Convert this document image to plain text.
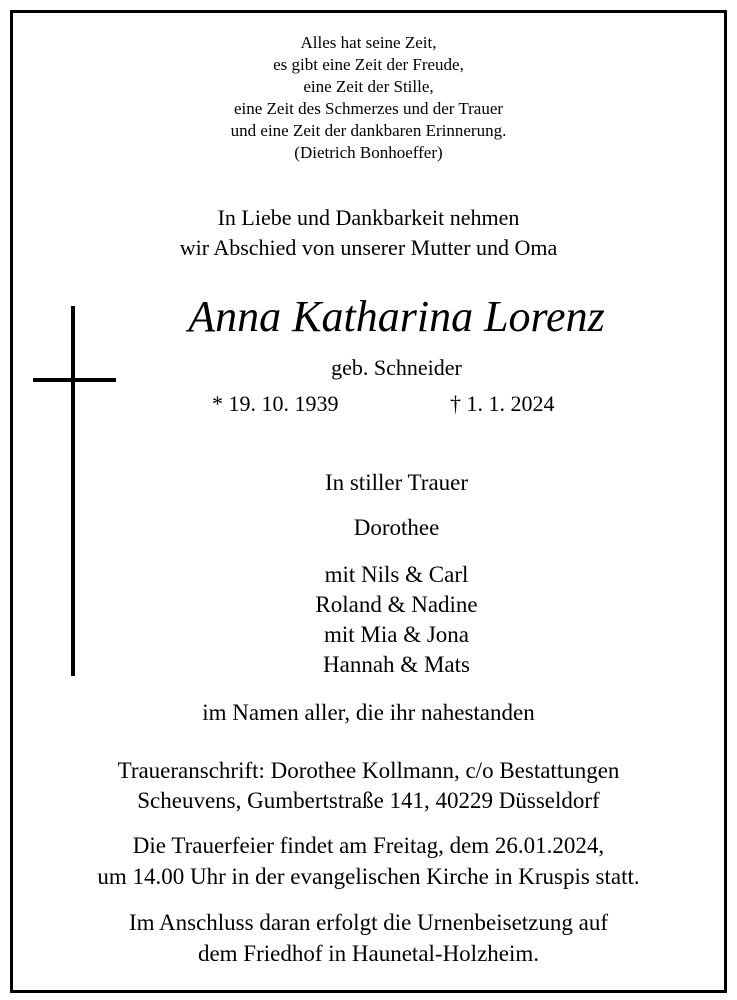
Alles hat seine Zeit,
es gibt eine Zeit der Freude,
eine Zeit der Stille,
eine Zeit des Schmerzes und der Trauer
und eine Zeit der dankbaren Erinnerung.
(Dietrich Bonhoeffer)
In Liebe und Dankbarkeit nehmen
wir Abschied von unserer Mutter und Oma
Anna Katharina Lorenz
geb. Schneider
* 19. 10. 1939	† 1. 1. 2024
In stiller Trauer
Dorothee
mit Nils & Carl
Roland & Nadine
mit Mia & Jona
Hannah & Mats
im Namen aller, die ihr nahestanden
Traueranschrift: Dorothee Kollmann, c/o Bestattungen
Scheuvens, Gumbertstraße 141, 40229 Düsseldorf
Die Trauerfeier findet am Freitag, dem 26.01.2024,
um 14.00 Uhr in der evangelischen Kirche in Kruspis statt.
Im Anschluss daran erfolgt die Urnenbeisetzung auf
dem Friedhof in Haunetal-Holzheim.
